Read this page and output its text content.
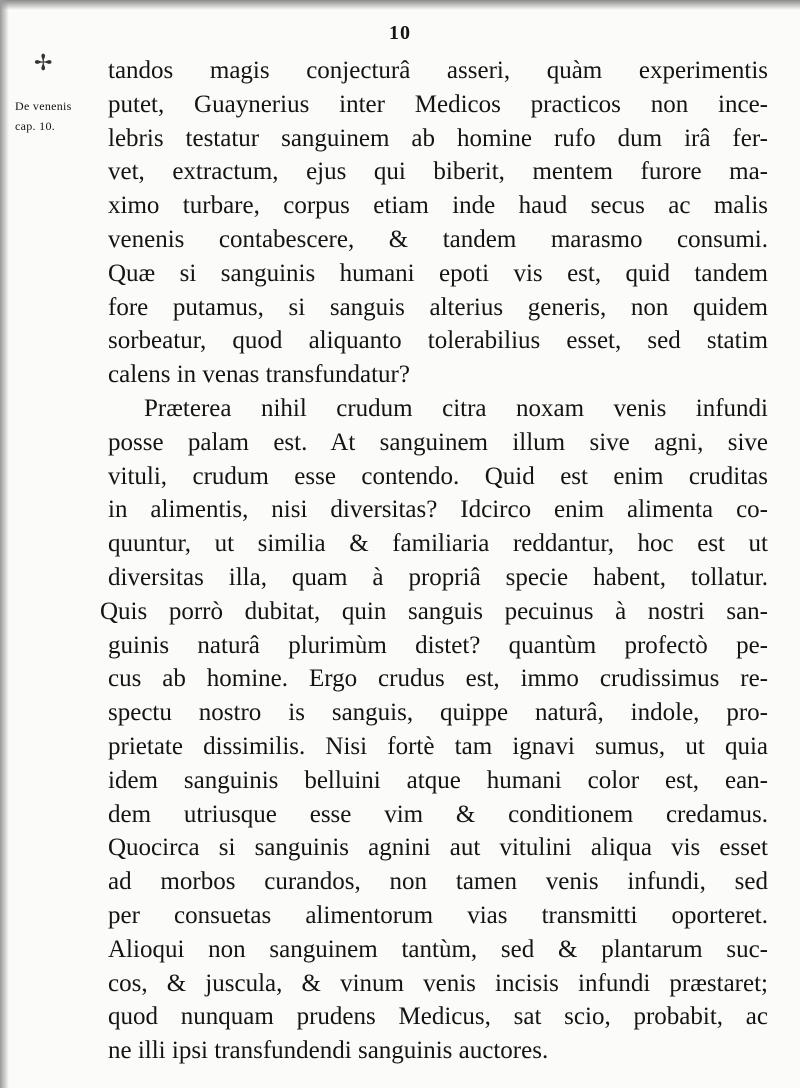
10
✢
De venenis
cap. 10.
tandos magis conjecturâ asseri, quàm experimentis
putet, Guaynerius inter Medicos practicos non ince-
lebris testatur sanguinem ab homine rufo dum irâ fer-
vet, extractum, ejus qui biberit, mentem furore ma-
ximo turbare, corpus etiam inde haud secus ac malis
venenis contabescere, & tandem marasmo consumi.
Quæ si sanguinis humani epoti vis est, quid tandem
fore putamus, si sanguis alterius generis, non quidem
sorbeatur, quod aliquanto tolerabilius esset, sed statim
calens in venas transfundatur?
Præterea nihil crudum citra noxam venis infundi
posse palam est. At sanguinem illum sive agni, sive
vituli, crudum esse contendo. Quid est enim cruditas
in alimentis, nisi diversitas? Idcirco enim alimenta co-
quuntur, ut similia & familiaria reddantur, hoc est ut
diversitas illa, quam à propriâ specie habent, tollatur.
Quis porrò dubitat, quin sanguis pecuinus à nostri san-
guinis naturâ plurimùm distet? quantùm profectò pe-
cus ab homine. Ergo crudus est, immo crudissimus re-
spectu nostro is sanguis, quippe naturâ, indole, pro-
prietate dissimilis. Nisi fortè tam ignavi sumus, ut quia
idem sanguinis belluini atque humani color est, ean-
dem utriusque esse vim & conditionem credamus.
Quocirca si sanguinis agnini aut vitulini aliqua vis esset
ad morbos curandos, non tamen venis infundi, sed
per consuetas alimentorum vias transmitti oporteret.
Alioqui non sanguinem tantùm, sed & plantarum suc-
cos, & juscula, & vinum venis incisis infundi præstaret;
quod nunquam prudens Medicus, sat scio, probabit, ac
ne illi ipsi transfundendi sanguinis auctores.
